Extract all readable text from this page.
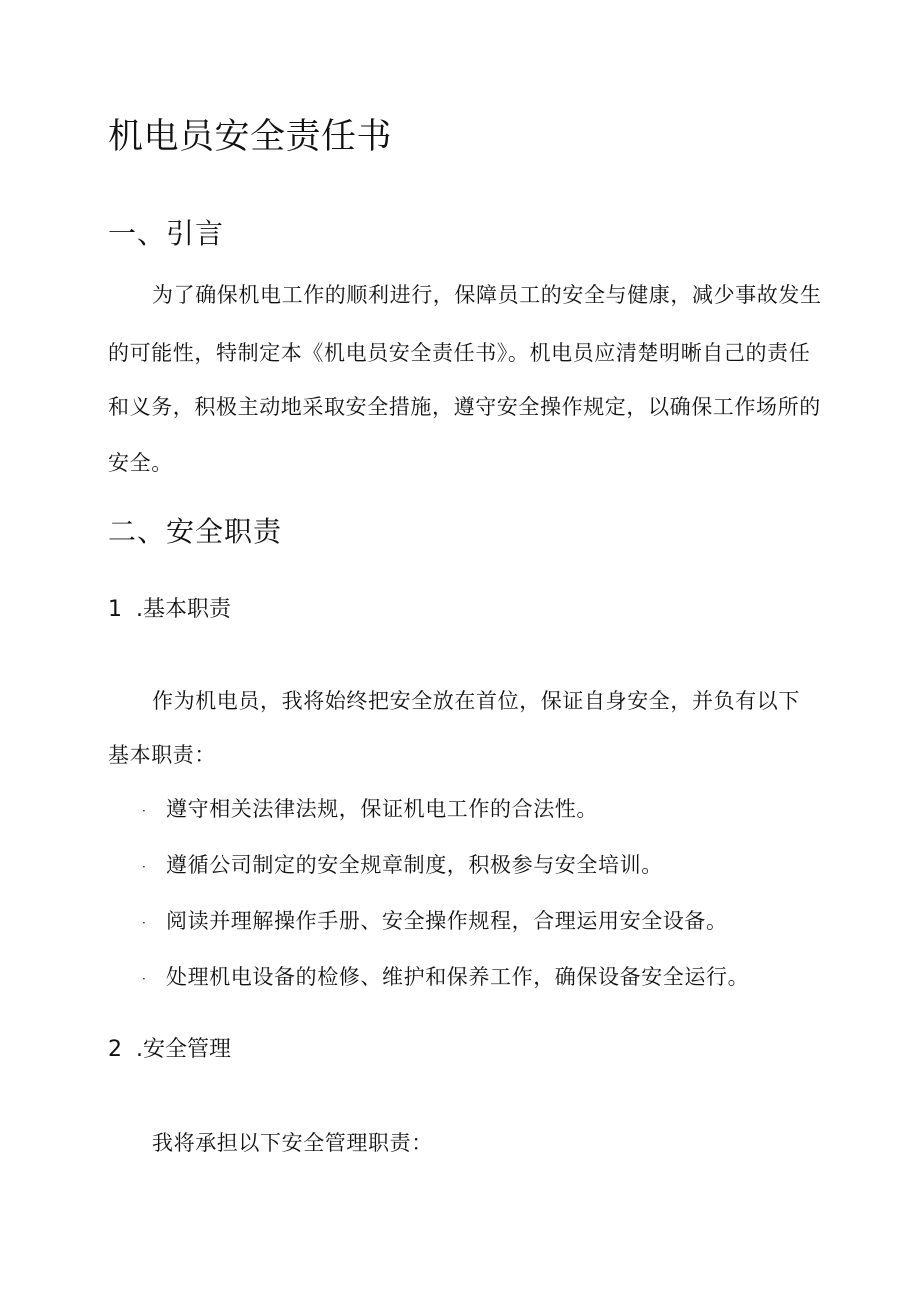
机电员安全责任书
一、引言
为了确保机电工作的顺利进行，保障员工的安全与健康，减少事故发生
的可能性，特制定本《机电员安全责任书》。机电员应清楚明晰自己的责任
和义务，积极主动地采取安全措施，遵守安全操作规定，以确保工作场所的
安全。
二、安全职责
1 .基本职责
作为机电员，我将始终把安全放在首位，保证自身安全，并负有以下
基本职责：
· 遵守相关法律法规，保证机电工作的合法性。
· 遵循公司制定的安全规章制度，积极参与安全培训。
· 阅读并理解操作手册、安全操作规程，合理运用安全设备。
· 处理机电设备的检修、维护和保养工作，确保设备安全运行。
2 .安全管理
我将承担以下安全管理职责：
